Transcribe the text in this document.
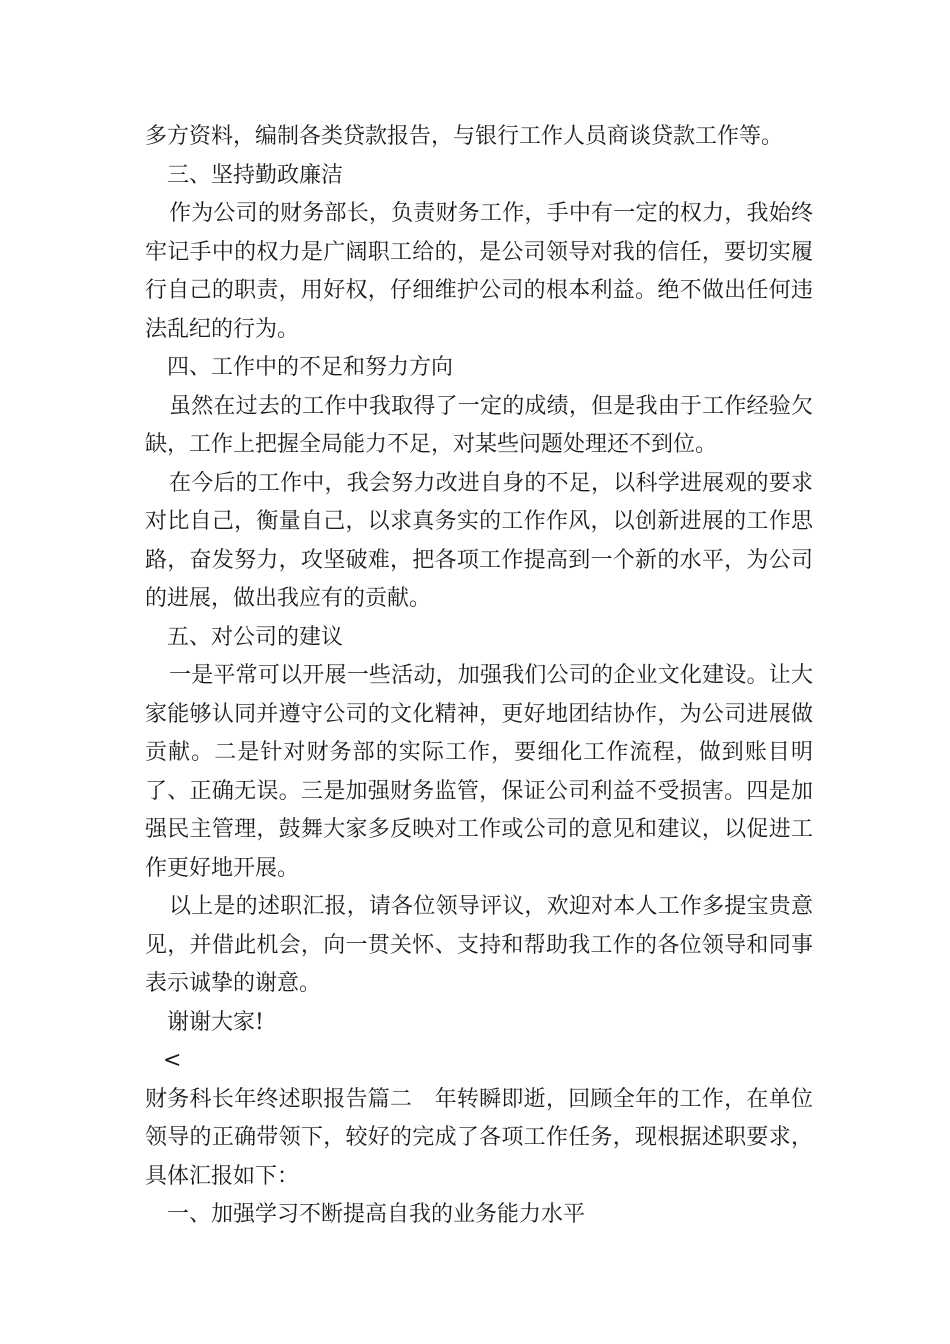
多方资料，编制各类贷款报告，与银行工作人员商谈贷款工作等。

三、坚持勤政廉洁

作为公司的财务部长，负责财务工作，手中有一定的权力，我始终牢记手中的权力是广阔职工给的，是公司领导对我的信任，要切实履行自己的职责，用好权，仔细维护公司的根本利益。绝不做出任何违法乱纪的行为。

四、工作中的不足和努力方向

虽然在过去的工作中我取得了一定的成绩，但是我由于工作经验欠缺，工作上把握全局能力不足，对某些问题处理还不到位。

在今后的工作中，我会努力改进自身的不足，以科学进展观的要求对比自己，衡量自己，以求真务实的工作作风，以创新进展的工作思路，奋发努力，攻坚破难，把各项工作提高到一个新的水平，为公司的进展，做出我应有的贡献。

五、对公司的建议

一是平常可以开展一些活动，加强我们公司的企业文化建设。让大家能够认同并遵守公司的文化精神，更好地团结协作，为公司进展做贡献。二是针对财务部的实际工作，要细化工作流程，做到账目明了、正确无误。三是加强财务监管，保证公司利益不受损害。四是加强民主管理，鼓舞大家多反映对工作或公司的意见和建议，以促进工作更好地开展。

以上是的述职汇报，请各位领导评议，欢迎对本人工作多提宝贵意见，并借此机会，向一贯关怀、支持和帮助我工作的各位领导和同事表示诚挚的谢意。

谢谢大家!

<

财务科长年终述职报告篇二　年转瞬即逝，回顾全年的工作，在单位领导的正确带领下，较好的完成了各项工作任务，现根据述职要求，具体汇报如下：

一、加强学习不断提高自我的业务能力水平
